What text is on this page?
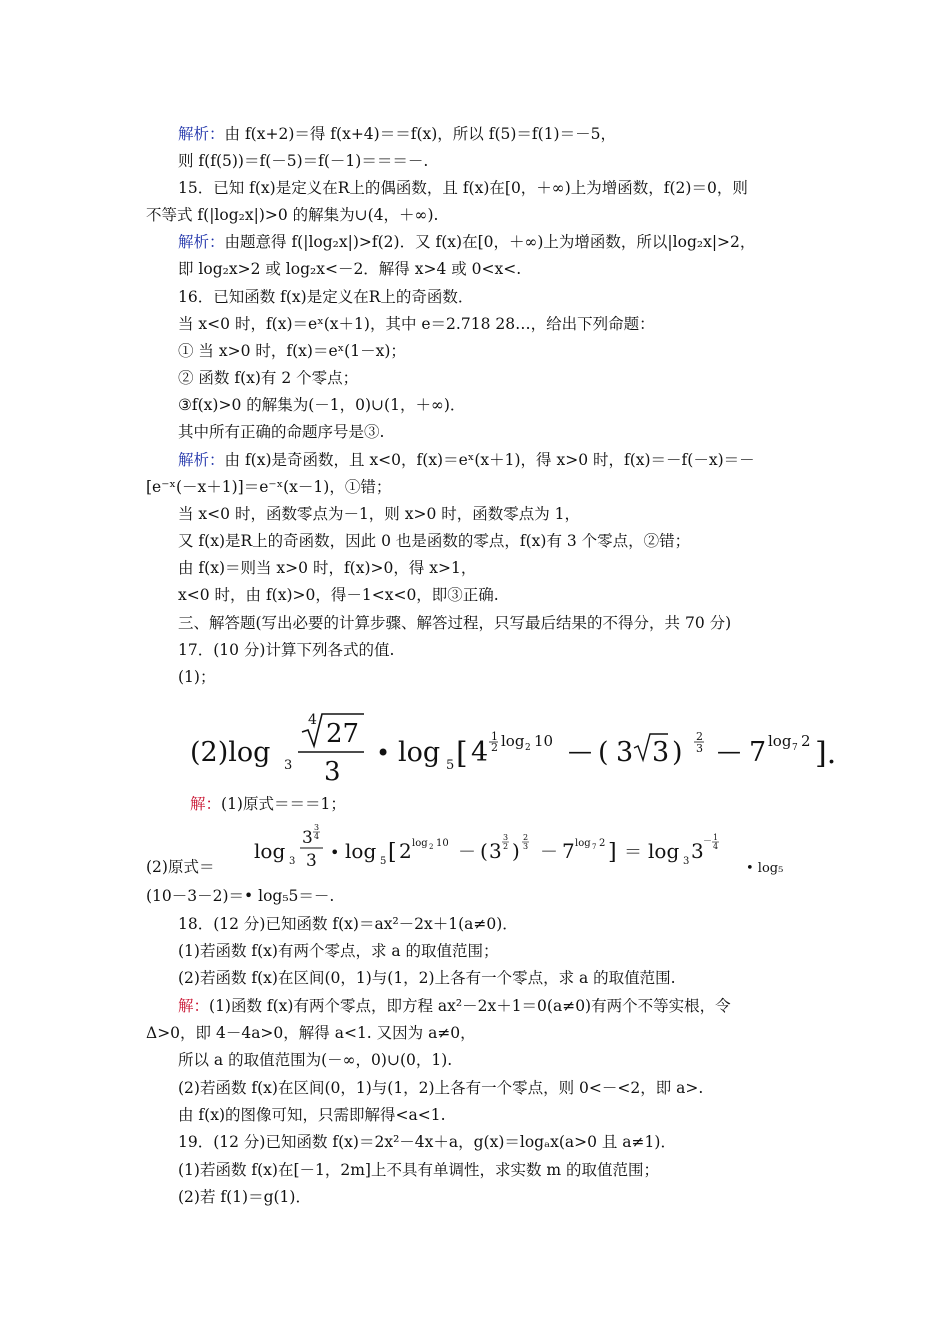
解析：由 f(x+2)＝得 f(x+4)＝＝f(x)，所以 f(5)＝f(1)＝－5，
则 f(f(5))＝f(－5)＝f(－1)＝＝＝－.
15．已知 f(x)是定义在R上的偶函数，且 f(x)在[0，＋∞)上为增函数，f(2)＝0，则
不等式 f(|log₂x|)>0 的解集为∪(4，＋∞).
解析：由题意得 f(|log₂x|)>f(2)．又 f(x)在[0，＋∞)上为增函数，所以|log₂x|>2，
即 log₂x>2 或 log₂x<－2．解得 x>4 或 0<x<.
16．已知函数 f(x)是定义在R上的奇函数．
当 x<0 时，f(x)＝eˣ(x＋1)，其中 e＝2.718 28…，给出下列命题：
① 当 x>0 时，f(x)＝eˣ(1－x)；
② 函数 f(x)有 2 个零点；
③f(x)>0 的解集为(－1，0)∪(1，＋∞)．
其中所有正确的命题序号是③.
解析：由 f(x)是奇函数，且 x<0，f(x)＝eˣ(x＋1)，得 x>0 时，f(x)＝－f(－x)＝－
[e⁻ˣ(－x＋1)]＝e⁻ˣ(x－1)，①错；
当 x<0 时，函数零点为－1，则 x>0 时，函数零点为 1，
又 f(x)是R上的奇函数，因此 0 也是函数的零点，f(x)有 3 个零点，②错；
由 f(x)＝则当 x>0 时，f(x)>0，得 x>1，
x<0 时，由 f(x)>0，得－1<x<0，即③正确.
三、解答题(写出必要的计算步骤、解答过程，只写最后结果的不得分，共 70 分)
17．(10 分)计算下列各式的值.
(1)；
(2)log 3
4 27
3
• log 5 [ 4
1
2 log 2 10 — ( 3 3 )
2
3 — 7 log 7 2 ].
解：(1)原式＝＝＝1；
(2)原式＝
log 3
3
3
4
3 • log 5 [ 2 log 2 10 － ( 3
3
2 )
2
3 － 7 log 7 2 ] ＝ log 3 3 － 1
4
• log₅
(10－3－2)＝• log₅5＝－.
18．(12 分)已知函数 f(x)＝ax²－2x＋1(a≠0)．
(1)若函数 f(x)有两个零点，求 a 的取值范围；
(2)若函数 f(x)在区间(0，1)与(1，2)上各有一个零点，求 a 的取值范围.
解：(1)函数 f(x)有两个零点，即方程 ax²－2x＋1＝0(a≠0)有两个不等实根，令
Δ>0，即 4－4a>0，解得 a<1. 又因为 a≠0，
所以 a 的取值范围为(－∞，0)∪(0，1).
(2)若函数 f(x)在区间(0，1)与(1，2)上各有一个零点，则 0<－<2，即 a>.
由 f(x)的图像可知，只需即解得<a<1.
19．(12 分)已知函数 f(x)＝2x²－4x＋a，g(x)＝logₐx(a>0 且 a≠1)．
(1)若函数 f(x)在[－1，2m]上不具有单调性，求实数 m 的取值范围；
(2)若 f(1)＝g(1)．
